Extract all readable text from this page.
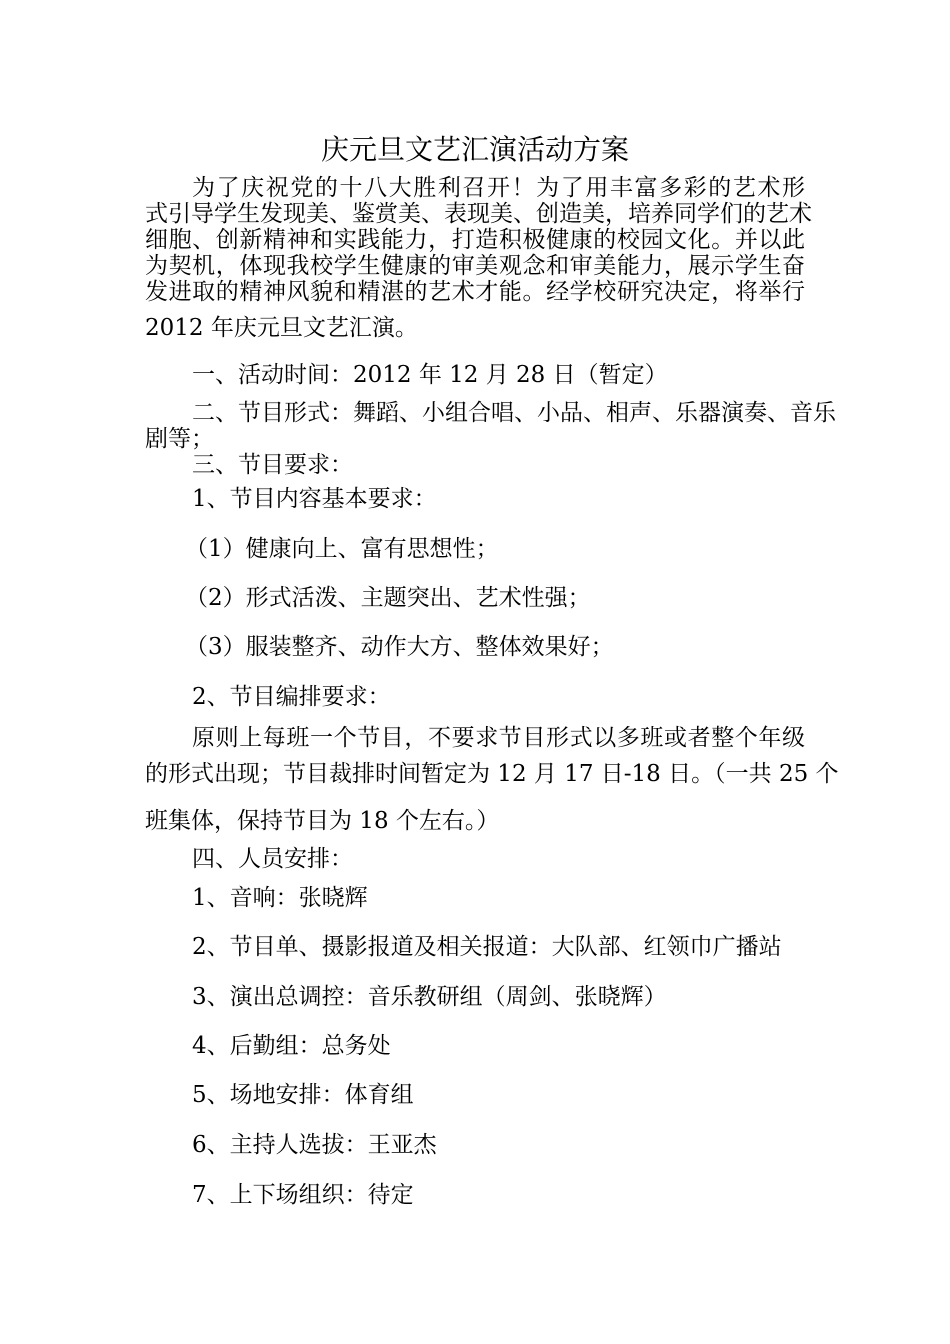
庆元旦文艺汇演活动方案
为了庆祝党的十八大胜利召开！为了用丰富多彩的艺术形
式引导学生发现美、鉴赏美、表现美、创造美，培养同学们的艺术
细胞、创新精神和实践能力，打造积极健康的校园文化。并以此
为契机，体现我校学生健康的审美观念和审美能力，展示学生奋
发进取的精神风貌和精湛的艺术才能。经学校研究决定，将举行
2012 年庆元旦文艺汇演。
一、活动时间：2012 年 12 月 28 日（暂定）
二、节目形式：舞蹈、小组合唱、小品、相声、乐器演奏、音乐
剧等；
三、节目要求：
1、节目内容基本要求：
（1）健康向上、富有思想性；
（2）形式活泼、主题突出、艺术性强；
（3）服装整齐、动作大方、整体效果好；
2、节目编排要求：
原则上每班一个节目，不要求节目形式以多班或者整个年级
的形式出现；节目裁排时间暂定为 12 月 17 日-18 日。（一共 25 个
班集体，保持节目为 18 个左右。）
四、人员安排：
1、音响：张晓辉
2、节目单、摄影报道及相关报道：大队部、红领巾广播站
3、演出总调控：音乐教研组（周剑、张晓辉）
4、后勤组：总务处
5、场地安排：体育组
6、主持人选拔：王亚杰
7、上下场组织：待定
